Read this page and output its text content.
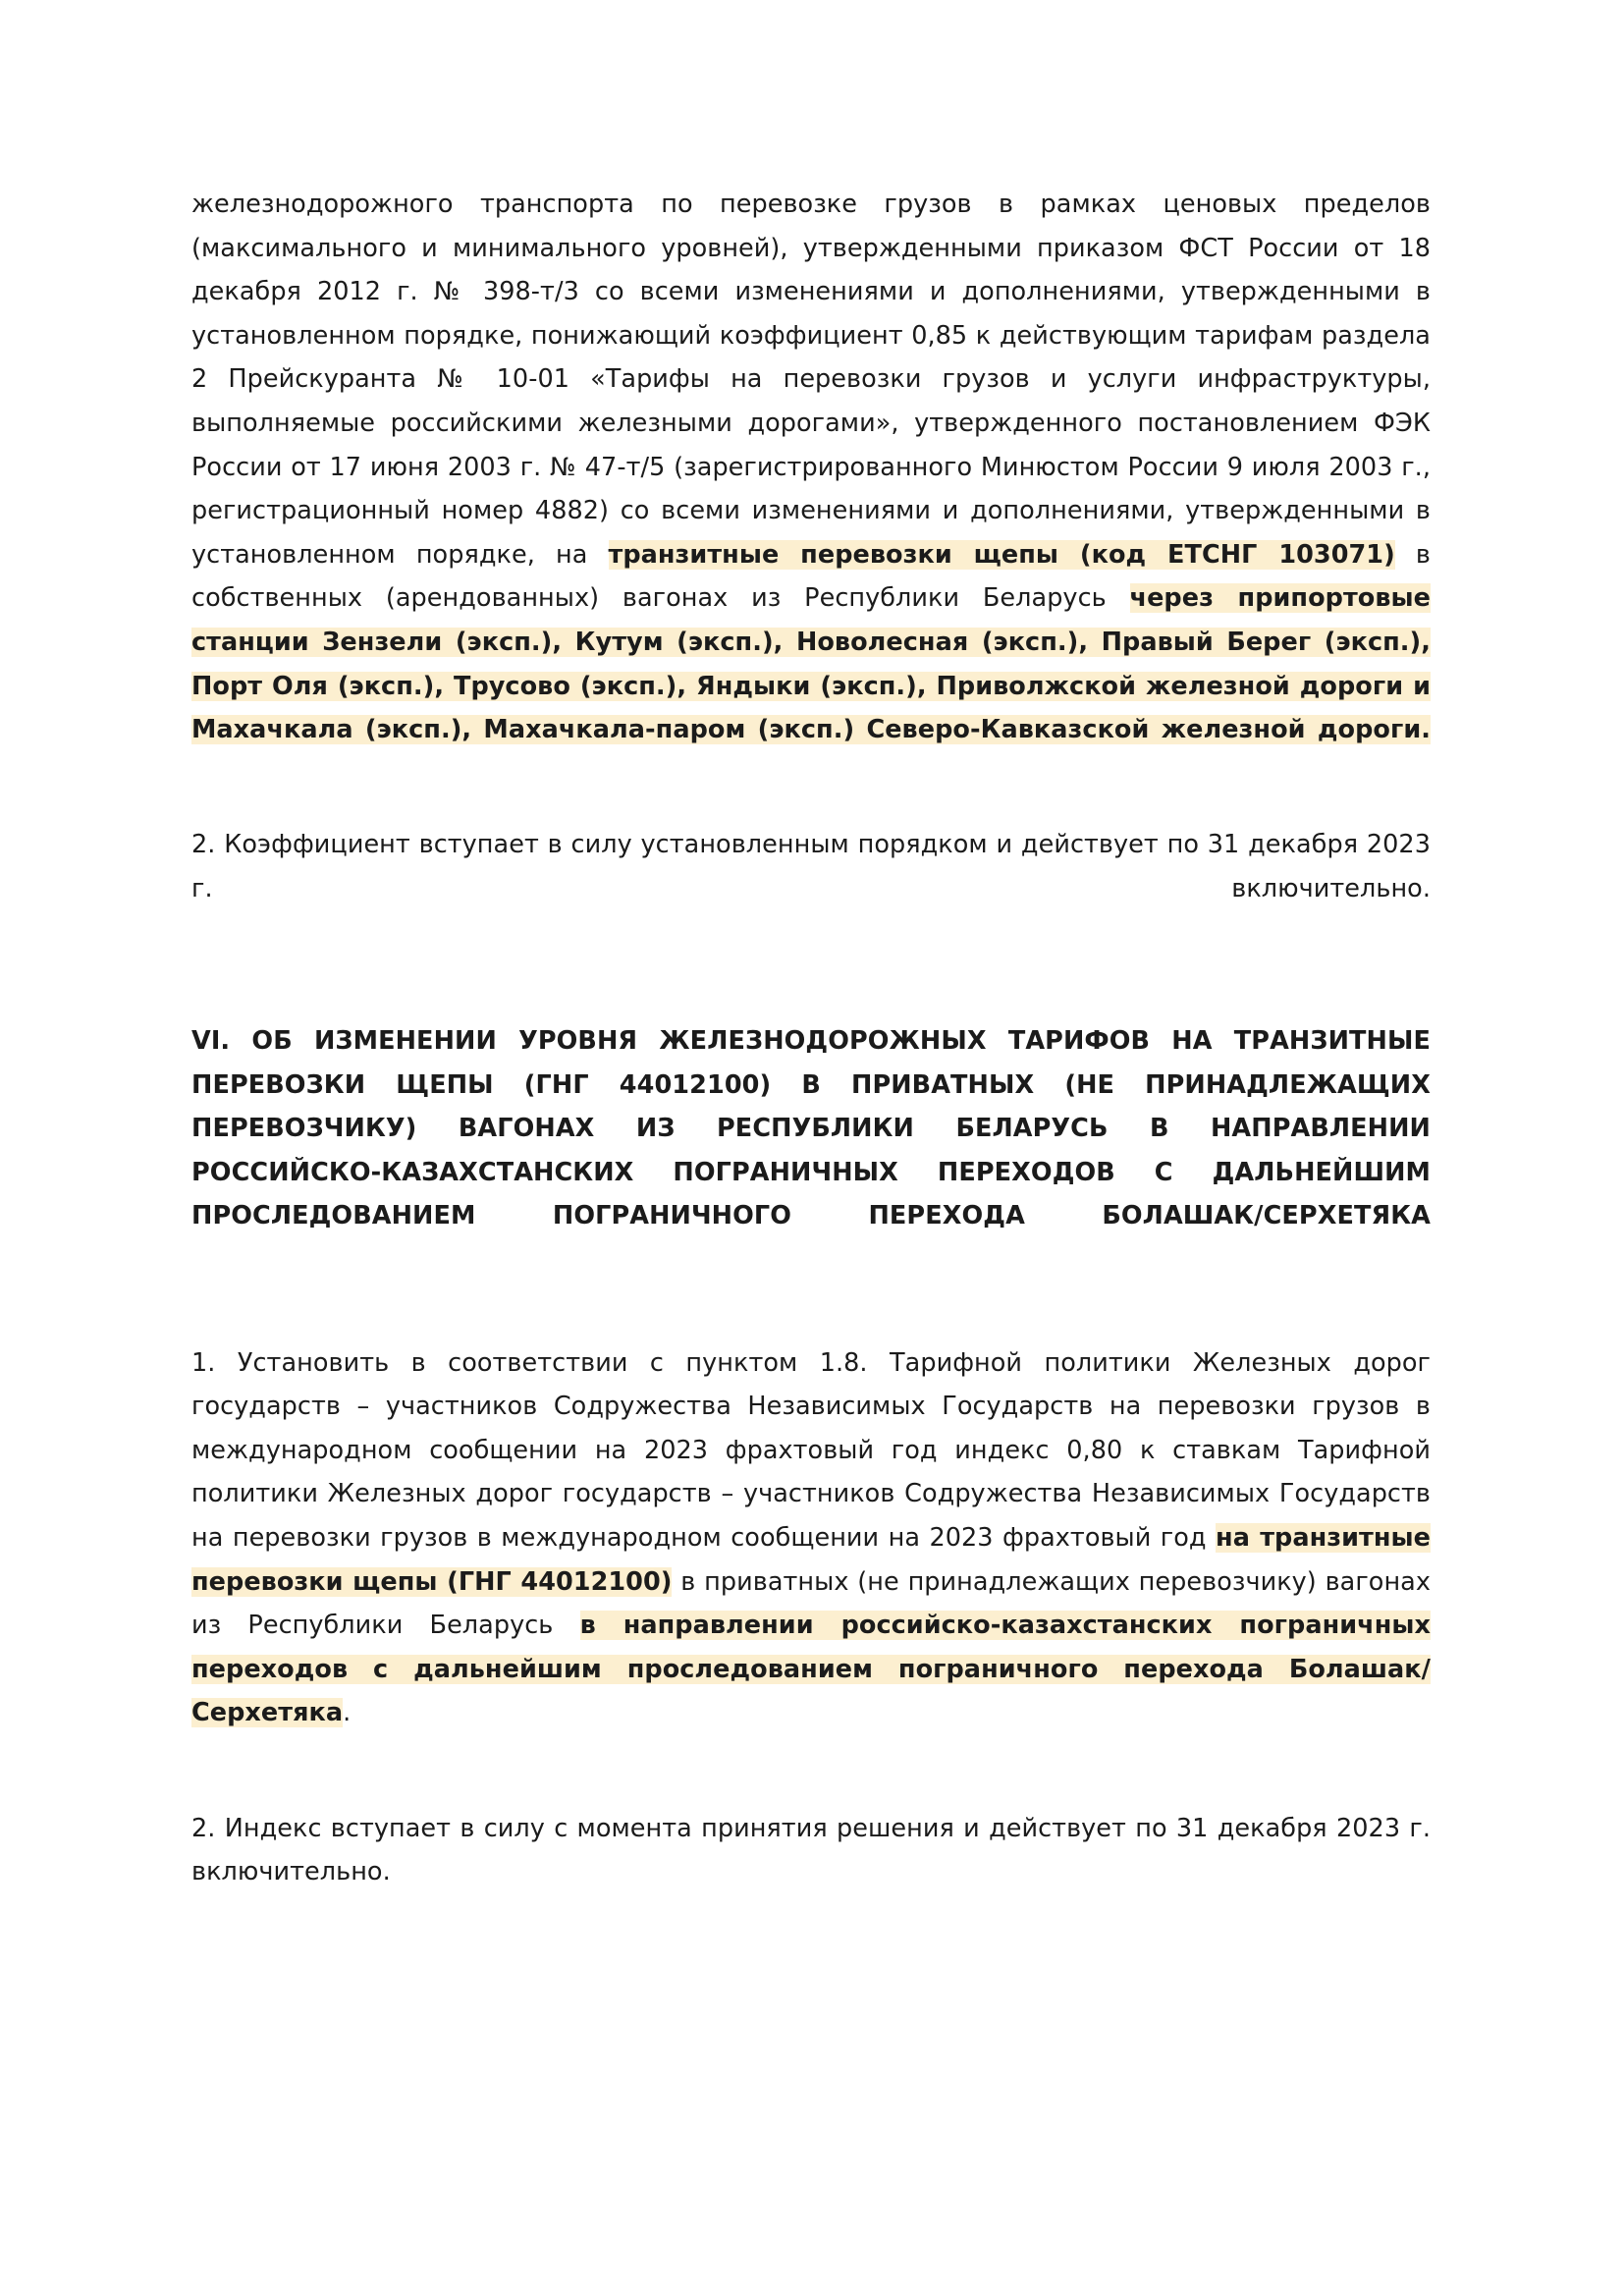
железнодорожного транспорта по перевозке грузов в рамках ценовых пределов (максимального и минимального уровней), утвержденными приказом ФСТ России от 18 декабря 2012 г. № 398-т/3 со всеми изменениями и дополнениями, утвержденными в установленном порядке, понижающий коэффициент 0,85 к действующим тарифам раздела 2 Прейскуранта № 10-01 «Тарифы на перевозки грузов и услуги инфраструктуры, выполняемые российскими железными дорогами», утвержденного постановлением ФЭК России от 17 июня 2003 г. № 47-т/5 (зарегистрированного Минюстом России 9 июля 2003 г., регистрационный номер 4882) со всеми изменениями и дополнениями, утвержденными в установленном порядке, на транзитные перевозки щепы (код ЕТСНГ 103071) в собственных (арендованных) вагонах из Республики Беларусь через припортовые станции Зензели (эксп.), Кутум (эксп.), Новолесная (эксп.), Правый Берег (эксп.), Порт Оля (эксп.), Трусово (эксп.), Яндыки (эксп.), Приволжской железной дороги и Махачкала (эксп.), Махачкала-паром (эксп.) Северо-Кавказской железной дороги.

2. Коэффициент вступает в силу установленным порядком и действует по 31 декабря 2023 г. включительно.

VI. ОБ ИЗМЕНЕНИИ УРОВНЯ ЖЕЛЕЗНОДОРОЖНЫХ ТАРИФОВ НА ТРАНЗИТНЫЕ ПЕРЕВОЗКИ ЩЕПЫ (ГНГ 44012100) В ПРИВАТНЫХ (НЕ ПРИНАДЛЕЖАЩИХ ПЕРЕВОЗЧИКУ) ВАГОНАХ ИЗ РЕСПУБЛИКИ БЕЛАРУСЬ В НАПРАВЛЕНИИ РОССИЙСКО-КАЗАХСТАНСКИХ ПОГРАНИЧНЫХ ПЕРЕХОДОВ С ДАЛЬНЕЙШИМ ПРОСЛЕДОВАНИЕМ ПОГРАНИЧНОГО ПЕРЕХОДА БОЛАШАК/СЕРХЕТЯКА

1. Установить в соответствии с пунктом 1.8. Тарифной политики Железных дорог государств – участников Содружества Независимых Государств на перевозки грузов в международном сообщении на 2023 фрахтовый год индекс 0,80 к ставкам Тарифной политики Железных дорог государств – участников Содружества Независимых Государств на перевозки грузов в международном сообщении на 2023 фрахтовый год на транзитные перевозки щепы (ГНГ 44012100) в приватных (не принадлежащих перевозчику) вагонах из Республики Беларусь в направлении российско-казахстанских пограничных переходов с дальнейшим проследованием пограничного перехода Болашак/Серхетяка.

2. Индекс вступает в силу с момента принятия решения и действует по 31 декабря 2023 г. включительно.
